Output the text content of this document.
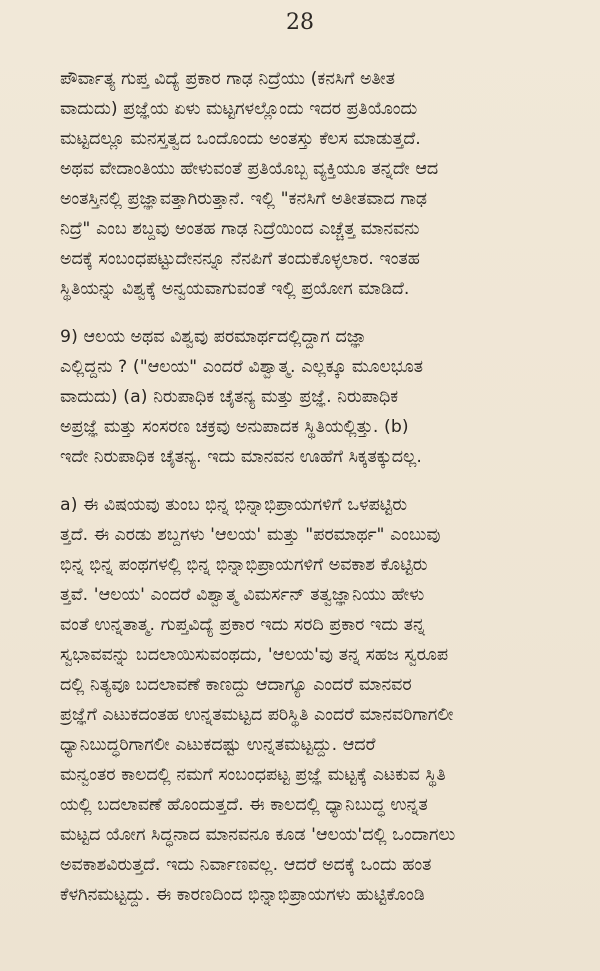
28
ಪೌರ್ವಾತ್ಯ ಗುಪ್ತ ವಿದ್ಯೆ ಪ್ರಕಾರ ಗಾಢ ನಿದ್ರೆಯು (ಕನಸಿಗೆ ಅತೀತ
ವಾದುದು) ಪ್ರಜ್ಞೆಯ ಏಳು ಮಟ್ಟಗಳಲ್ಲೊಂದು ಇದರ ಪ್ರತಿಯೊಂದು
ಮಟ್ಟದಲ್ಲೂ ಮನಸ್ತತ್ವದ ಒಂದೊಂದು ಅಂತಸ್ತು ಕೆಲಸ ಮಾಡುತ್ತದೆ.
ಅಥವ ವೇದಾಂತಿಯು ಹೇಳುವಂತೆ ಪ್ರತಿಯೊಬ್ಬ ವ್ಯಕ್ತಿಯೂ ತನ್ನದೇ ಆದ
ಅಂತಸ್ತಿನಲ್ಲಿ ಪ್ರಜ್ಞಾವತ್ತಾಗಿರುತ್ತಾನೆ. ಇಲ್ಲಿ "ಕನಸಿಗೆ ಅತೀತವಾದ ಗಾಢ
ನಿದ್ರೆ" ಎಂಬ ಶಬ್ದವು ಅಂತಹ ಗಾಢ ನಿದ್ರೆಯಿಂದ ಎಚ್ಚೆತ್ತ ಮಾನವನು
ಅದಕ್ಕೆ ಸಂಬಂಧಪಟ್ಟುದೇನನ್ನೂ ನೆನಪಿಗೆ ತಂದುಕೊಳ್ಳಲಾರ. ಇಂತಹ
ಸ್ಥಿತಿಯನ್ನು ವಿಶ್ವಕ್ಕೆ ಅನ್ವಯವಾಗುವಂತೆ ಇಲ್ಲಿ ಪ್ರಯೋಗ ಮಾಡಿದೆ.
9) ಆಲಯ ಅಥವ ವಿಶ್ವವು ಪರಮಾರ್ಥದಲ್ಲಿದ್ದಾಗ ದಜ್ಞಾ
ಎಲ್ಲಿದ್ದನು ? ("ಆಲಯ" ಎಂದರೆ ವಿಶ್ವಾತ್ಮ. ಎಲ್ಲಕ್ಕೂ ಮೂಲಭೂತ
ವಾದುದು) (a) ನಿರುಪಾಧಿಕ ಚೈತನ್ಯ ಮತ್ತು ಪ್ರಜ್ಞೆ. ನಿರುಪಾಧಿಕ
ಅಪ್ರಜ್ಞೆ ಮತ್ತು ಸಂಸರಣ ಚಕ್ರವು ಅನುಪಾದಕ ಸ್ಥಿತಿಯಲ್ಲಿತ್ತು. (b)
ಇದೇ ನಿರುಪಾಧಿಕ ಚೈತನ್ಯ. ಇದು ಮಾನವನ ಊಹೆಗೆ ಸಿಕ್ಕತಕ್ಕುದಲ್ಲ.
a) ಈ ವಿಷಯವು ತುಂಬ ಭಿನ್ನ ಭಿನ್ನಾಭಿಪ್ರಾಯಗಳಿಗೆ ಒಳಪಟ್ಟಿರು
ತ್ತದೆ. ಈ ಎರಡು ಶಬ್ದಗಳು 'ಆಲಯ' ಮತ್ತು "ಪರಮಾರ್ಥ" ಎಂಬುವು
ಭಿನ್ನ ಭಿನ್ನ ಪಂಥಗಳಲ್ಲಿ ಭಿನ್ನ ಭಿನ್ನಾಭಿಪ್ರಾಯಗಳಿಗೆ ಅವಕಾಶ ಕೊಟ್ಟಿರು
ತ್ತವೆ. 'ಆಲಯ' ಎಂದರೆ ವಿಶ್ವಾತ್ಮ ವಿಮರ್ಸನ್ ತತ್ವಜ್ಞಾನಿಯು ಹೇಳು
ವಂತೆ ಉನ್ನತಾತ್ಮ. ಗುಪ್ತವಿದ್ಯೆ ಪ್ರಕಾರ ಇದು ಸರದಿ ಪ್ರಕಾರ ಇದು ತನ್ನ
ಸ್ವಭಾವವನ್ನು ಬದಲಾಯಿಸುವಂಥದು, 'ಆಲಯ'ವು ತನ್ನ ಸಹಜ ಸ್ವರೂಪ
ದಲ್ಲಿ ನಿತ್ಯವೂ ಬದಲಾವಣೆ ಕಾಣದ್ದು ಆದಾಗ್ಯೂ ಎಂದರೆ ಮಾನವರ
ಪ್ರಜ್ಞೆಗೆ ಎಟುಕದಂತಹ ಉನ್ನತಮಟ್ಟದ ಪರಿಸ್ಥಿತಿ ಎಂದರೆ ಮಾನವರಿಗಾಗಲೀ
ಧ್ಯಾನಿಬುದ್ಧರಿಗಾಗಲೀ ಎಟುಕದಷ್ಟು ಉನ್ನತಮಟ್ಟದ್ದು. ಆದರೆ
ಮನ್ವಂತರ ಕಾಲದಲ್ಲಿ ನಮಗೆ ಸಂಬಂಧಪಟ್ಟ ಪ್ರಜ್ಞೆ ಮಟ್ಟಕ್ಕೆ ಎಟಕುವ ಸ್ಥಿತಿ
ಯಲ್ಲಿ ಬದಲಾವಣೆ ಹೊಂದುತ್ತದೆ. ಈ ಕಾಲದಲ್ಲಿ ಧ್ಯಾನಿಬುದ್ಧ ಉನ್ನತ
ಮಟ್ಟದ ಯೋಗ ಸಿದ್ಧನಾದ ಮಾನವನೂ ಕೂಡ 'ಆಲಯ'ದಲ್ಲಿ ಒಂದಾಗಲು
ಅವಕಾಶವಿರುತ್ತದೆ. ಇದು ನಿರ್ವಾಣವಲ್ಲ. ಆದರೆ ಅದಕ್ಕೆ ಒಂದು ಹಂತ
ಕೆಳಗಿನಮಟ್ಟದ್ದು. ಈ ಕಾರಣದಿಂದ ಭಿನ್ನಾಭಿಪ್ರಾಯಗಳು ಹುಟ್ಟಿಕೊಂಡಿ
